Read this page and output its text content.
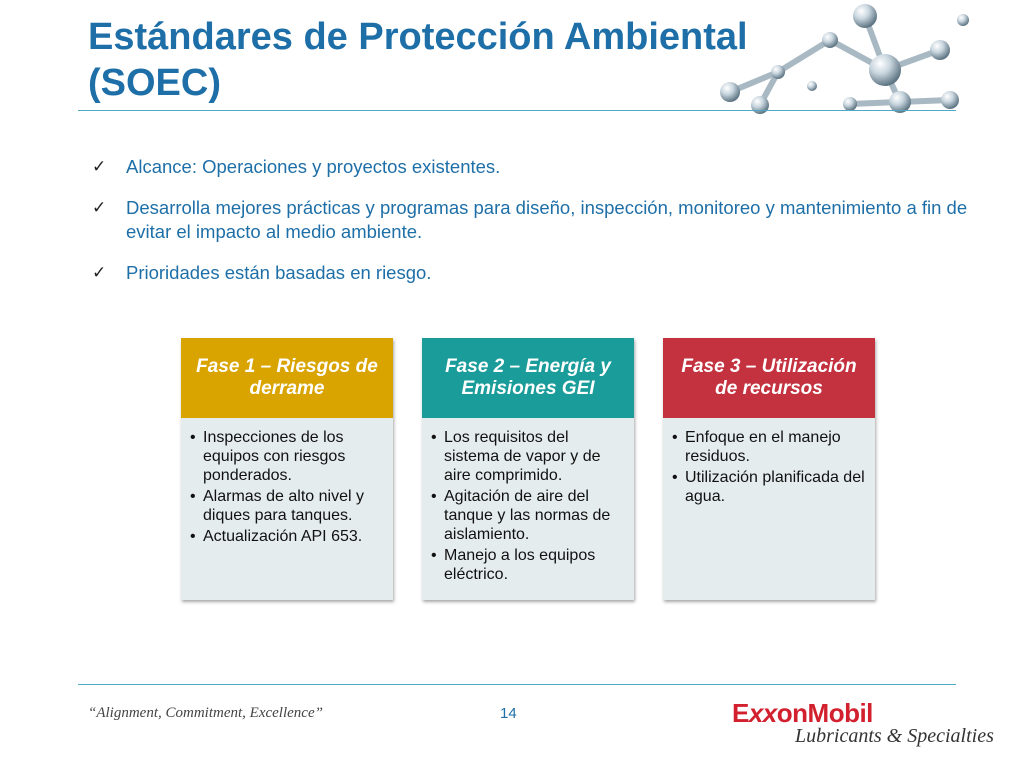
Estándares de Protección Ambiental
(SOEC)
✓ Alcance: Operaciones y proyectos existentes.
✓ Desarrolla mejores prácticas y programas para diseño, inspección, monitoreo y mantenimiento a fin de evitar el impacto al medio ambiente.
✓ Prioridades están basadas en riesgo.
Fase 1 – Riesgos de derrame
• Inspecciones de los equipos con riesgos ponderados.
• Alarmas de alto nivel y diques para tanques.
• Actualización API 653.
Fase 2 – Energía y Emisiones GEI
• Los requisitos del sistema de vapor y de aire comprimido.
• Agitación de aire del tanque y las normas de aislamiento.
• Manejo a los equipos eléctrico.
Fase 3 – Utilización de recursos
• Enfoque en el manejo residuos.
• Utilización planificada del agua.
“Alignment, Commitment, Excellence”	14	ExxonMobil
Lubricants & Specialties
